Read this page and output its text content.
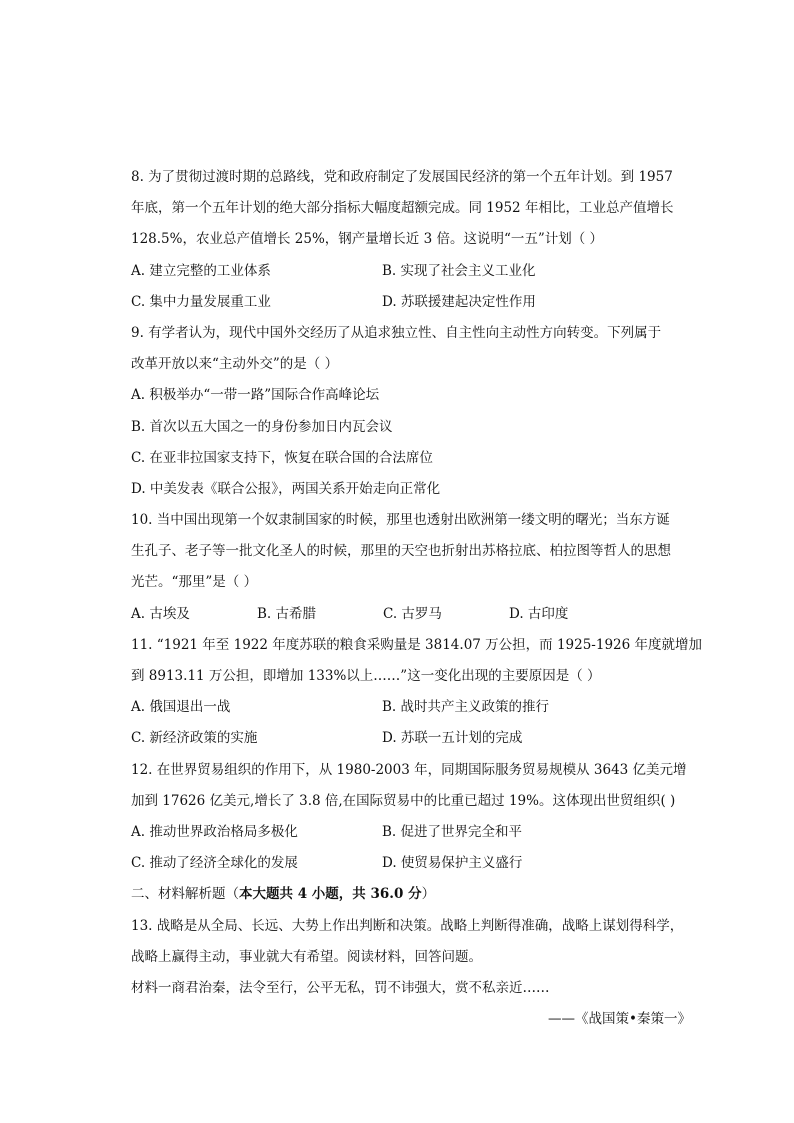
8. 为了贯彻过渡时期的总路线，党和政府制定了发展国民经济的第一个五年计划。到 1957
年底，第一个五年计划的绝大部分指标大幅度超额完成。同 1952 年相比，工业总产值增长
128.5%，农业总产值增长 25%，钢产量增长近 3 倍。这说明“一五”计划（ ）
A. 建立完整的工业体系	B. 实现了社会主义工业化
C. 集中力量发展重工业	D. 苏联援建起决定性作用
9. 有学者认为，现代中国外交经历了从追求独立性、自主性向主动性方向转变。下列属于
改革开放以来“主动外交”的是（ ）
A. 积极举办“一带一路”国际合作高峰论坛
B. 首次以五大国之一的身份参加日内瓦会议
C. 在亚非拉国家支持下，恢复在联合国的合法席位
D. 中美发表《联合公报》，两国关系开始走向正常化
10. 当中国出现第一个奴隶制国家的时候，那里也透射出欧洲第一缕文明的曙光；当东方诞
生孔子、老子等一批文化圣人的时候，那里的天空也折射出苏格拉底、柏拉图等哲人的思想
光芒。“那里”是（ ）
A. 古埃及	B. 古希腊	C. 古罗马	D. 古印度
11. “1921 年至 1922 年度苏联的粮食采购量是 3814.07 万公担，而 1925-1926 年度就增加
到 8913.11 万公担，即增加 133%以上……”这一变化出现的主要原因是（ ）
A. 俄国退出一战	B. 战时共产主义政策的推行
C. 新经济政策的实施	D. 苏联一五计划的完成
12. 在世界贸易组织的作用下，从 1980-2003 年，同期国际服务贸易规模从 3643 亿美元增
加到 17626 亿美元,增长了 3.8 倍,在国际贸易中的比重已超过 19%。这体现出世贸组织( )
A. 推动世界政治格局多极化	B. 促进了世界完全和平
C. 推动了经济全球化的发展	D. 使贸易保护主义盛行
二、材料解析题（本大题共 4 小题，共 36.0 分）
13. 战略是从全局、长远、大势上作出判断和决策。战略上判断得准确，战略上谋划得科学，
战略上赢得主动，事业就大有希望。阅读材料，回答问题。
材料一商君治秦，法令至行，公平无私，罚不讳强大，赏不私亲近……
——《战国策•秦策一》
